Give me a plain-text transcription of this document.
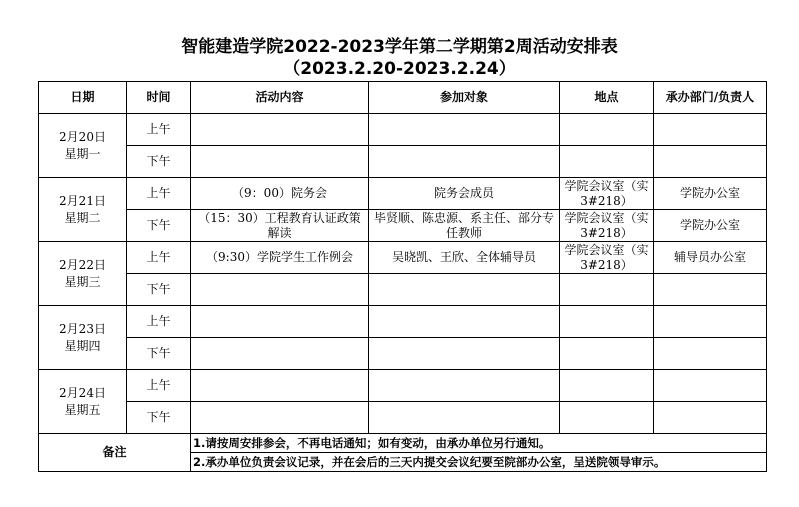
智能建造学院2022-2023学年第二学期第2周活动安排表
（2023.2.20-2023.2.24）
日期	时间	活动内容	参加对象	地点	承办部门/负责人

2月20日
星期一	上午				
	下午				

2月21日
星期二	上午	（9：00）院务会	院务会成员	学院会议室（实3#218）	学院办公室
	下午	（15：30）工程教育认证政策解读	毕贤顺、陈忠源、系主任、部分专任教师	学院会议室（实3#218）	学院办公室

2月22日
星期三	上午	（9:30）学院学生工作例会	吴晓凯、王欣、全体辅导员	学院会议室（实3#218）	辅导员办公室
	下午				

2月23日
星期四	上午				
	下午				

2月24日
星期五	上午				
	下午				
备注		1.请按周安排参会，不再电话通知；如有变动，由承办单位另行通知。			
		2.承办单位负责会议记录，并在会后的三天内提交会议纪要至院部办公室，呈送院领导审示。			
